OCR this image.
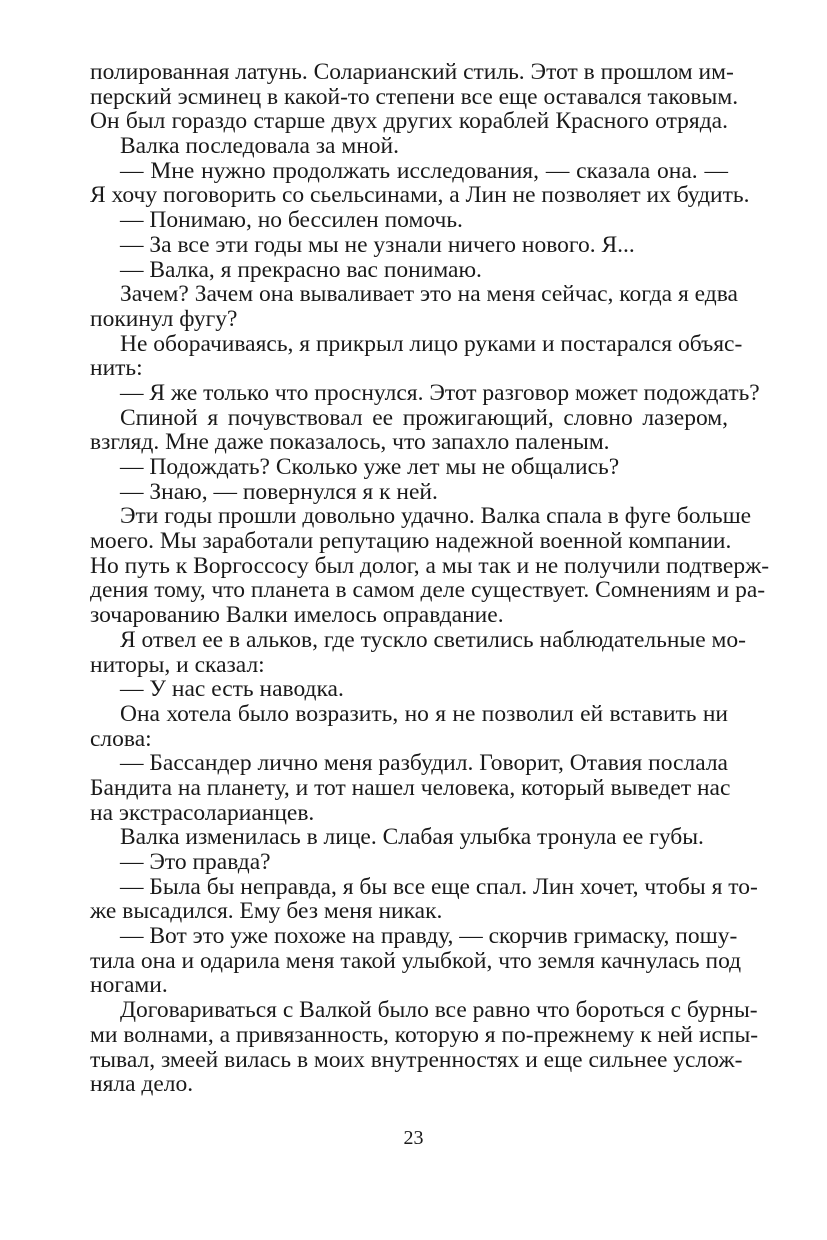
полированная латунь. Соларианский стиль. Этот в прошлом им-
перский эсминец в какой-то степени все еще оставался таковым.
Он был гораздо старше двух других кораблей Красного отряда.
Валка последовала за мной.
— Мне нужно продолжать исследования, — сказала она. —
Я хочу поговорить со сьельсинами, а Лин не позволяет их будить.
— Понимаю, но бессилен помочь.
— За все эти годы мы не узнали ничего нового. Я...
— Валка, я прекрасно вас понимаю.
Зачем? Зачем она вываливает это на меня сейчас, когда я едва
покинул фугу?
Не оборачиваясь, я прикрыл лицо руками и постарался объяс-
нить:
— Я же только что проснулся. Этот разговор может подождать?
Спиной я почувствовал ее прожигающий, словно лазером,
взгляд. Мне даже показалось, что запахло паленым.
— Подождать? Сколько уже лет мы не общались?
— Знаю, — повернулся я к ней.
Эти годы прошли довольно удачно. Валка спала в фуге больше
моего. Мы заработали репутацию надежной военной компании.
Но путь к Воргоссосу был долог, а мы так и не получили подтверж-
дения тому, что планета в самом деле существует. Сомнениям и ра-
зочарованию Валки имелось оправдание.
Я отвел ее в альков, где тускло светились наблюдательные мо-
ниторы, и сказал:
— У нас есть наводка.
Она хотела было возразить, но я не позволил ей вставить ни
слова:
— Бассандер лично меня разбудил. Говорит, Отавия послала
Бандита на планету, и тот нашел человека, который выведет нас
на экстрасоларианцев.
Валка изменилась в лице. Слабая улыбка тронула ее губы.
— Это правда?
— Была бы неправда, я бы все еще спал. Лин хочет, чтобы я то-
же высадился. Ему без меня никак.
— Вот это уже похоже на правду, — скорчив гримаску, пошу-
тила она и одарила меня такой улыбкой, что земля качнулась под
ногами.
Договариваться с Валкой было все равно что бороться с бурны-
ми волнами, а привязанность, которую я по-прежнему к ней испы-
тывал, змеей вилась в моих внутренностях и еще сильнее услож-
няла дело.
23
